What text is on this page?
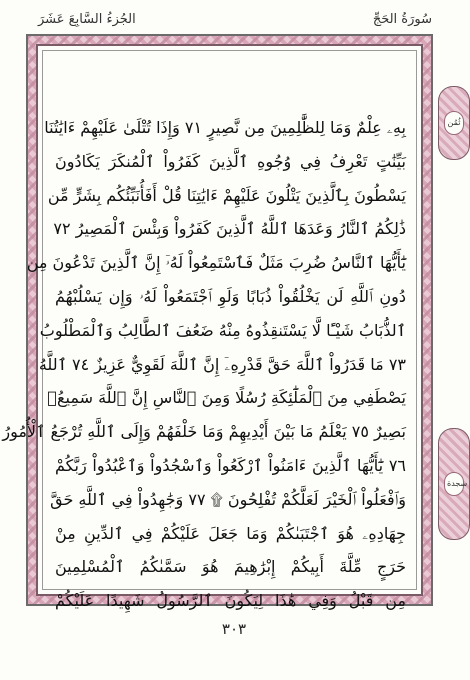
الجُزءُ السَّابِعَ عَشَرَ	سُورَةُ الحَجِّ
بِهِۦ عِلْمٌ وَمَا لِلظَّٰلِمِينَ مِن نَّصِيرٍ ٧١ وَإِذَا تُتْلَىٰ عَلَيْهِمْ ءَايَٰتُنَا
بَيِّنَٰتٍ تَعْرِفُ فِي وُجُوهِ ٱلَّذِينَ كَفَرُواْ ٱلْمُنكَرَ يَكَادُونَ
يَسْطُونَ بِٱلَّذِينَ يَتْلُونَ عَلَيْهِمْ ءَايَٰتِنَا قُلْ أَفَأُنَبِّئُكُم بِشَرٍّ مِّن
ذَٰلِكُمُ ٱلنَّارُ وَعَدَهَا ٱللَّهُ ٱلَّذِينَ كَفَرُواْ وَبِئْسَ ٱلْمَصِيرُ ٧٢
يَٰٓأَيُّهَا ٱلنَّاسُ ضُرِبَ مَثَلٌ فَٱسْتَمِعُواْ لَهُۥٓ إِنَّ ٱلَّذِينَ تَدْعُونَ مِن
دُونِ ٱللَّهِ لَن يَخْلُقُواْ ذُبَابًا وَلَوِ ٱجْتَمَعُواْ لَهُۥ وَإِن يَسْلُبْهُمُ
ٱلذُّبَابُ شَيْـًٔا لَّا يَسْتَنقِذُوهُ مِنْهُ ضَعُفَ ٱلطَّالِبُ وَٱلْمَطْلُوبُ
٧٣ مَا قَدَرُواْ ٱللَّهَ حَقَّ قَدْرِهِۦٓ إِنَّ ٱللَّهَ لَقَوِيٌّ عَزِيزٌ ٧٤ ٱللَّهُ
يَصْطَفِي مِنَ ٱلْمَلَٰٓئِكَةِ رُسُلًا وَمِنَ ٱلنَّاسِ إِنَّ ٱللَّهَ سَمِيعُۢ
بَصِيرٌ ٧٥ يَعْلَمُ مَا بَيْنَ أَيْدِيهِمْ وَمَا خَلْفَهُمْ وَإِلَى ٱللَّهِ تُرْجَعُ ٱلْأُمُورُ
٧٦ يَٰٓأَيُّهَا ٱلَّذِينَ ءَامَنُواْ ٱرْكَعُواْ وَٱسْجُدُواْ وَٱعْبُدُواْ رَبَّكُمْ
وَٱفْعَلُواْ ٱلْخَيْرَ لَعَلَّكُمْ تُفْلِحُونَ ۩ ٧٧ وَجَٰهِدُواْ فِي ٱللَّهِ حَقَّ
جِهَادِهِۦ هُوَ ٱجْتَبَىٰكُمْ وَمَا جَعَلَ عَلَيْكُمْ فِي ٱلدِّينِ مِنْ
حَرَجٍ مِّلَّةَ أَبِيكُمْ إِبْرَٰهِيمَ هُوَ سَمَّىٰكُمُ ٱلْمُسْلِمِينَ
مِن قَبْلُ وَفِي هَٰذَا لِيَكُونَ ٱلرَّسُولُ شَهِيدًا عَلَيْكُمْ
ثُمُن
سجدة
٣٠٣
